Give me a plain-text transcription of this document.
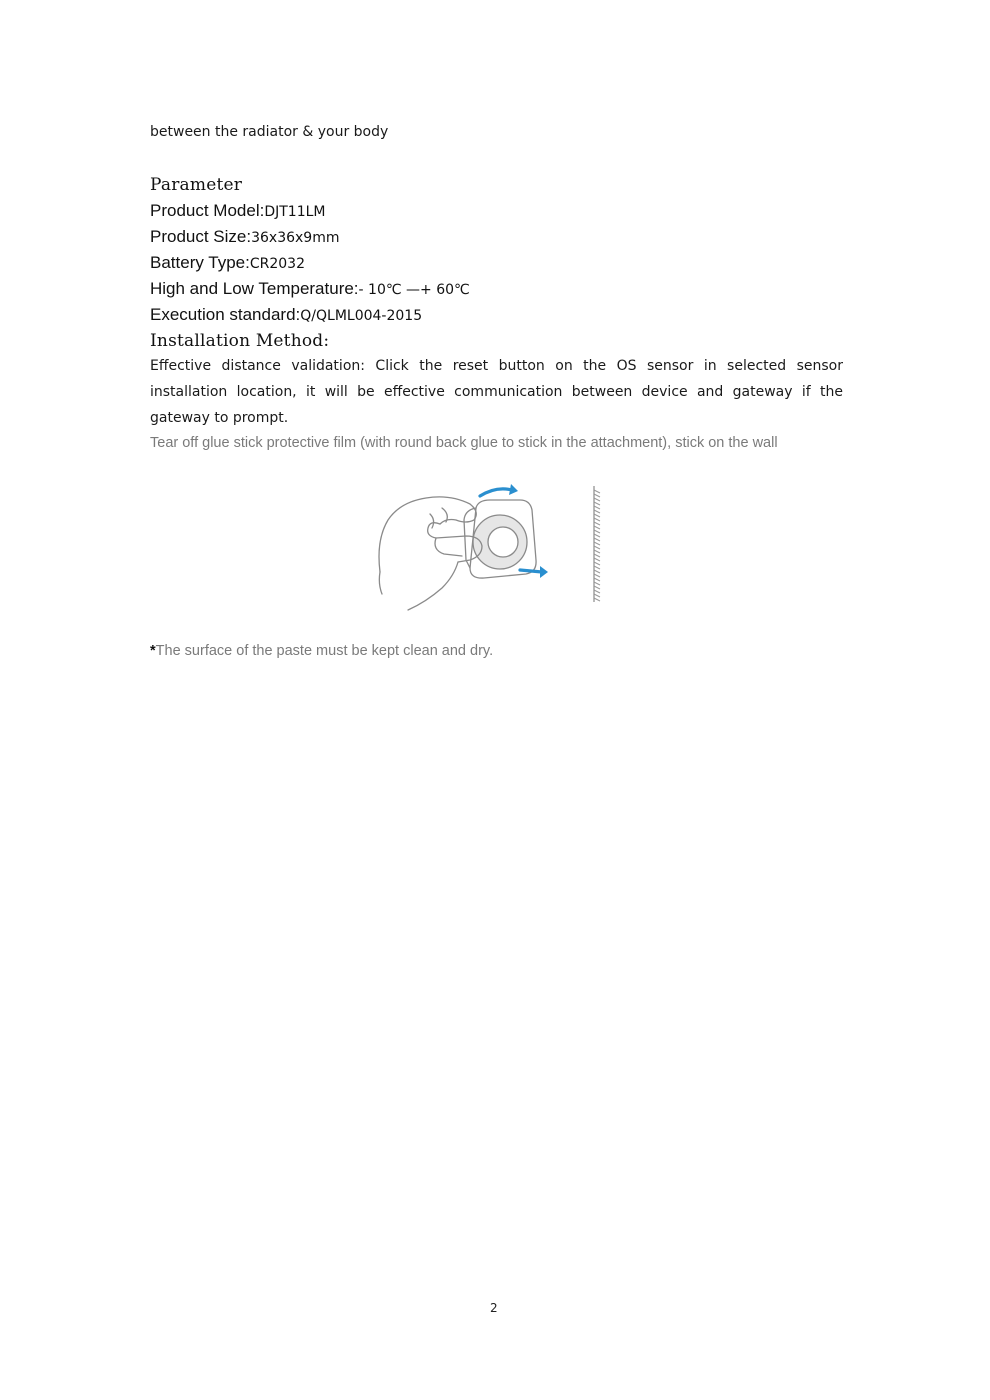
between the radiator & your body
Parameter
Product Model:DJT11LM
Product Size:36x36x9mm
Battery Type:CR2032
High and Low Temperature:- 10℃ —+ 60℃
Execution standard:Q/QLML004-2015
Installation Method:
Effective distance validation: Click the reset button on the OS sensor in selected sensor installation location, it will be effective communication between device and gateway if the gateway to prompt.
Tear off glue stick protective film (with round back glue to stick in the attachment), stick on the wall
*The surface of the paste must be kept clean and dry.
2
